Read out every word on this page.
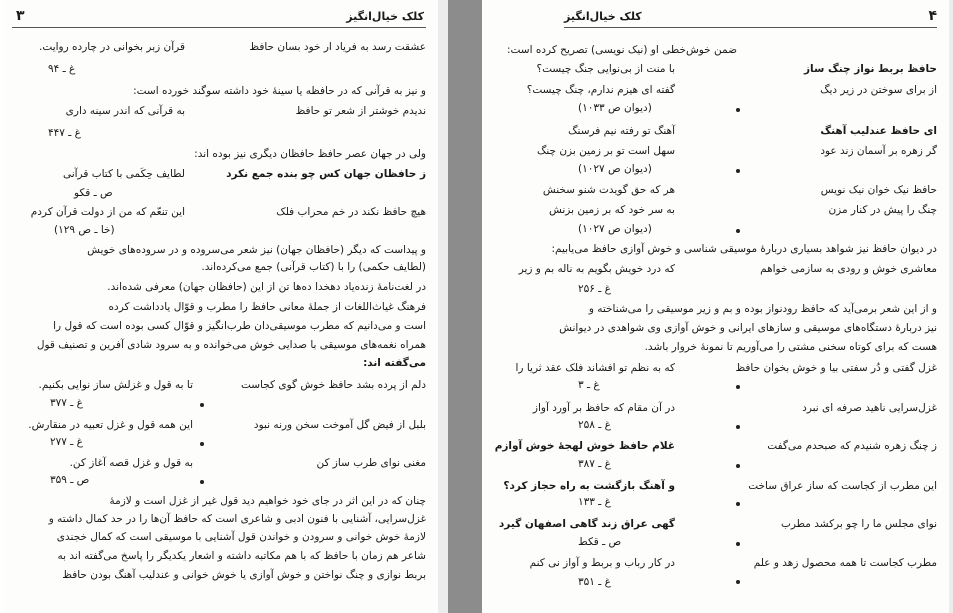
۳	کلک خیال‌انگیز
قرآن زبر بخوانی در چارده روایت.	عشقت رسد به فریاد ار خود بسان حافظ
غ ـ ۹۴
و نیز به قرآنی که در حافظه یا سینهٔ خود داشته سوگند خورده است:
به قرآنی که اندر سینه داری	ندیدم خوشتر از شعر تو حافظ
غ ـ ۴۴۷
ولی در جهان عصر حافظ حافظان دیگری نیز بوده اند:
لطایف حِکَمی با کتاب قرآنی	ز حافظان جهان کس چو بنده جمع نکرد
ص ـ قکو
این تنعّم که من از دولت قرآن کردم	هیچ حافظ نکند در خم محراب فلک
(خا ـ ص ۱۲۹)
و پیداست که دیگر (حافظان جهان) نیز شعر می‌سروده و در سروده‌های خویش
(لطایف حکمی) را با (کتاب قرآنی) جمع می‌کرده‌اند.
در لغت‌نامهٔ زنده‌یاد دهخدا ده‌ها تن از این (حافظان جهان) معرفی شده‌اند.
فرهنگ غیاث‌اللغات از جملهٔ معانی حافظ را مطرب و قوّال یادداشت کرده
است و می‌دانیم که مطرب موسیقی‌دان طرب‌انگیز و قوّال کسی بوده است که قول را
همراه نغمه‌های موسیقی با صدایی خوش می‌خوانده و به سرود شادی آفرین و تصنیف قول
می‌گفته اند:
تا به قول و غزلش ساز نوایی بکنیم.	دلم از پرده بشد حافظ خوش گوی کجاست
غ ـ ۳۷۷
این همه قول و غزل تعبیه در منقارش.	بلبل از فیض گل آموخت سخن ورنه نبود
غ ـ ۲۷۷
به قول و غزل قصه آغاز کن.	مغنی نوای طرب ساز کن
ص ـ ۳۵۹
چنان که در این اثر در جای خود خواهیم دید قول غیر از غزل است و لازمهٔ
غزل‌سرایی، آشنایی با فنون ادبی و شاعری است که حافظ آن‌ها را در حد کمال داشته و
لازمهٔ خوش خوانی و سرودن و خواندن قول آشنایی با موسیقی است که کمال خجندی
شاعر هم زمان با حافظ که با هم مکاتبه داشته و اشعار یکدیگر را پاسخ می‌گفته اند به
بربط نوازی و چنگ نواختن و خوش آوازی یا خوش خوانی و عندلیب آهنگ بودن حافظ
کلک خیال‌انگیز	۴
ضمن خوش‌خطی او (نیک نویسی) تصریح کرده است:
با منت از بی‌نوایی جنگ چیست؟	حافظ بربط نواز چنگ ساز
گفته ای هیزم ندارم، چنگ چیست؟	از برای سوختن در زیر دیگ
(دیوان ص ۱۰۳۳)
آهنگ تو رفته نیم فرسنگ	ای حافظ عندلیب آهنگ
سهل است تو بر زمین بزن چنگ	گر زهره بر آسمان زند عود
(دیوان ص ۱۰۲۷)
هر که حق گویدت شنو سخنش	حافظ نیک خوان نیک نویس
به سر خود که بر زمین بزنش	چنگ را پیش در کنار مزن
(دیوان ص ۱۰۲۷)
در دیوان حافظ نیز شواهد بسیاری دربارهٔ موسیقی شناسی و خوش آوازی حافظ می‌یابیم:
که درد خویش بگویم به ناله بم و زیر	معاشری خوش و رودی به سازمی خواهم
غ ـ ۲۵۶
و از این شعر برمی‌آید که حافظ رودنواز بوده و بم و زیر موسیقی را می‌شناخته و
نیز دربارهٔ دستگاه‌های موسیقی و سازهای ایرانی و خوش آوازی وی شواهدی در دیوانش
هست که برای کوتاه سخنی مشتی را می‌آوریم تا نمونهٔ خروار باشد.
که به نظم تو افشاند فلک عقد ثریا را	غزل گفتی و دُر سفتی بیا و خوش بخوان حافظ
غ ـ ۳
در آن مقام که حافظ بر آورد آواز	غزل‌سرایی ناهید صرفه ای نبرد
غ ـ ۲۵۸
غلام حافظ خوش لهجهٔ خوش آوازم	ز چنگ زهره شنیدم که صبحدم می‌گفت
غ ـ ۳۸۷
و آهنگ بازگشت به راه حجاز کرد؟	این مطرب از کجاست که ساز عراق ساخت
غ ـ ۱۳۳
گهی عراق زند گاهی اصفهان گیرد	نوای مجلس ما را چو برکشد مطرب
ص ـ قکط
در کار رباب و بربط و آواز نی کنم	مطرب کجاست تا همه محصول زهد و علم
غ ـ ۳۵۱
